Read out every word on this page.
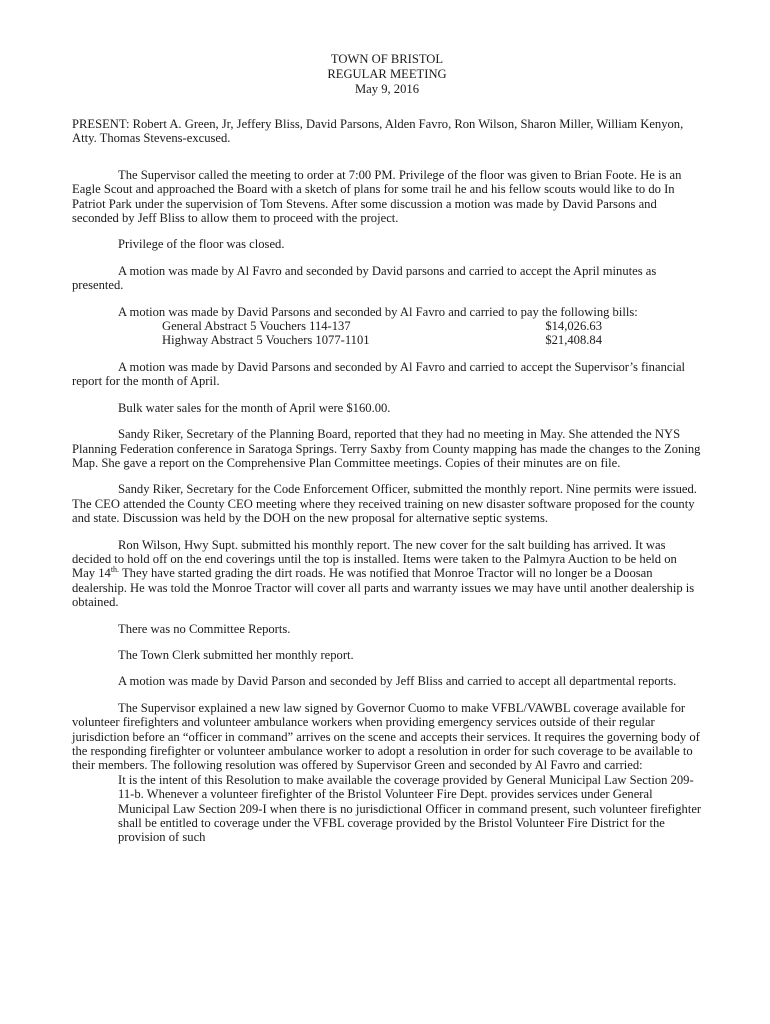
TOWN OF BRISTOL
REGULAR MEETING
May 9, 2016

PRESENT: Robert A. Green, Jr, Jeffery Bliss, David Parsons, Alden Favro, Ron Wilson, Sharon Miller, William Kenyon, Atty. Thomas Stevens-excused.

The Supervisor called the meeting to order at 7:00 PM. Privilege of the floor was given to Brian Foote. He is an Eagle Scout and approached the Board with a sketch of plans for some trail he and his fellow scouts would like to do In Patriot Park under the supervision of Tom Stevens. After some discussion a motion was made by David Parsons and seconded by Jeff Bliss to allow them to proceed with the project.

Privilege of the floor was closed.

A motion was made by Al Favro and seconded by David parsons and carried to accept the April minutes as presented.

A motion was made by David Parsons and seconded by Al Favro and carried to pay the following bills:

General Abstract 5 Vouchers 114-137	$14,026.63
Highway Abstract 5 Vouchers 1077-1101	$21,408.84

A motion was made by David Parsons and seconded by Al Favro and carried to accept the Supervisor’s financial report for the month of April.

Bulk water sales for the month of April were $160.00.

Sandy Riker, Secretary of the Planning Board, reported that they had no meeting in May. She attended the NYS Planning Federation conference in Saratoga Springs. Terry Saxby from County mapping has made the changes to the Zoning Map. She gave a report on the Comprehensive Plan Committee meetings. Copies of their minutes are on file.

Sandy Riker, Secretary for the Code Enforcement Officer, submitted the monthly report. Nine permits were issued. The CEO attended the County CEO meeting where they received training on new disaster software proposed for the county and state. Discussion was held by the DOH on the new proposal for alternative septic systems.

Ron Wilson, Hwy Supt. submitted his monthly report. The new cover for the salt building has arrived. It was decided to hold off on the end coverings until the top is installed. Items were taken to the Palmyra Auction to be held on May $14^{th.}$ They have started grading the dirt roads. He was notified that Monroe Tractor will no longer be a Doosan dealership. He was told the Monroe Tractor will cover all parts and warranty issues we may have until another dealership is obtained.

There was no Committee Reports.

The Town Clerk submitted her monthly report.

A motion was made by David Parson and seconded by Jeff Bliss and carried to accept all departmental reports.

The Supervisor explained a new law signed by Governor Cuomo to make VFBL/VAWBL coverage available for volunteer firefighters and volunteer ambulance workers when providing emergency services outside of their regular jurisdiction before an “officer in command” arrives on the scene and accepts their services. It requires the governing body of the responding firefighter or volunteer ambulance worker to adopt a resolution in order for such coverage to be available to their members. The following resolution was offered by Supervisor Green and seconded by Al Favro and carried:

It is the intent of this Resolution to make available the coverage provided by General Municipal Law Section 209-11-b. Whenever a volunteer firefighter of the Bristol Volunteer Fire Dept. provides services under General Municipal Law Section 209-I when there is no jurisdictional Officer in command present, such volunteer firefighter shall be entitled to coverage under the VFBL coverage provided by the Bristol Volunteer Fire District for the provision of such
